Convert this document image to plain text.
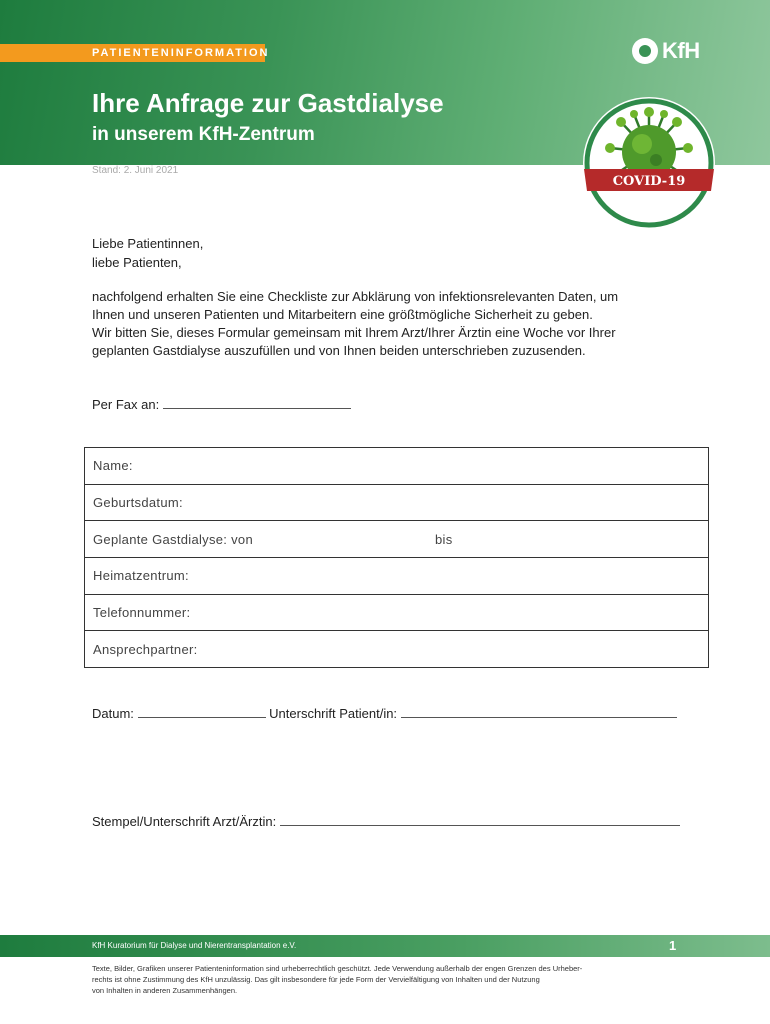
PATIENTENINFORMATION	KfH
Ihre Anfrage zur Gastdialyse
in unserem KfH-Zentrum
Stand: 2. Juni 2021
COVID-19
Liebe Patientinnen,
liebe Patienten,

nachfolgend erhalten Sie eine Checkliste zur Abklärung von infektionsrelevanten Daten, um

Ihnen und unseren Patienten und Mitarbeitern eine größtmögliche Sicherheit zu geben.

Wir bitten Sie, dieses Formular gemeinsam mit Ihrem Arzt/Ihrer Ärztin eine Woche vor Ihrer

geplanten Gastdialyse auszufüllen und von Ihnen beiden unterschrieben zuzusenden.

Per Fax an:
Name:
Geburtsdatum:
Geplante Gastdialyse: von	bis
Heimatzentrum:
Telefonnummer:
Ansprechpartner:
Datum:	Unterschrift Patient/in:
Stempel/Unterschrift Arzt/Ärztin:
KfH Kuratorium für Dialyse und Nierentransplantation e.V.	1

Texte, Bilder, Grafiken unserer Patienteninformation sind urheberrechtlich geschützt. Jede Verwendung außerhalb der engen Grenzen des Urheber-

rechts ist ohne Zustimmung des KfH unzulässig. Das gilt insbesondere für jede Form der Vervielfältigung von Inhalten und der Nutzung

von Inhalten in anderen Zusammenhängen.
